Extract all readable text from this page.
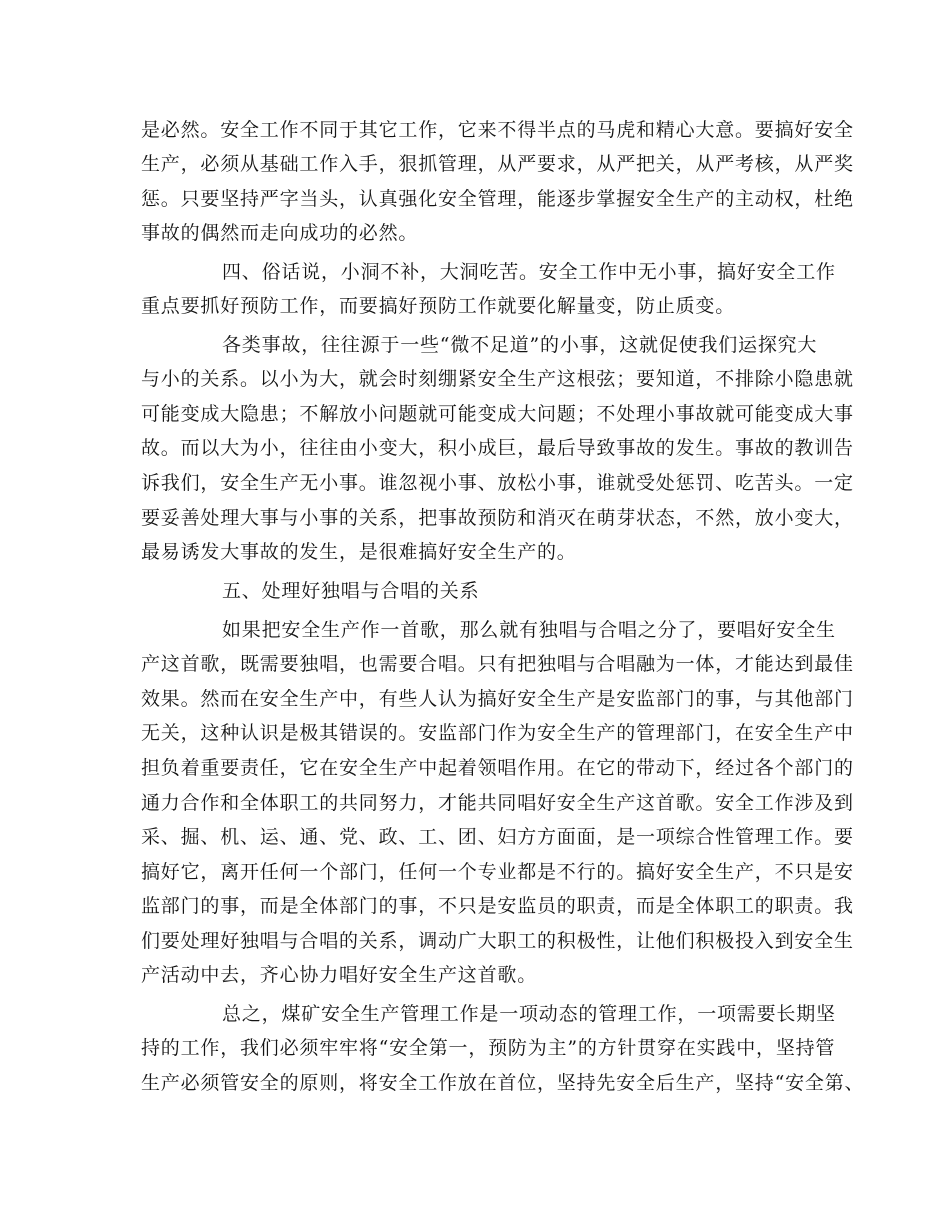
是必然。安全工作不同于其它工作，它来不得半点的马虎和精心大意。要搞好安全
生产，必须从基础工作入手，狠抓管理，从严要求，从严把关，从严考核，从严奖
惩。只要坚持严字当头，认真强化安全管理，能逐步掌握安全生产的主动权，杜绝
事故的偶然而走向成功的必然。
四、俗话说，小洞不补，大洞吃苦。安全工作中无小事，搞好安全工作
重点要抓好预防工作，而要搞好预防工作就要化解量变，防止质变。
各类事故，往往源于一些“微不足道”的小事，这就促使我们运探究大
与小的关系。以小为大，就会时刻绷紧安全生产这根弦；要知道，不排除小隐患就
可能变成大隐患；不解放小问题就可能变成大问题；不处理小事故就可能变成大事
故。而以大为小，往往由小变大，积小成巨，最后导致事故的发生。事故的教训告
诉我们，安全生产无小事。谁忽视小事、放松小事，谁就受处惩罚、吃苦头。一定
要妥善处理大事与小事的关系，把事故预防和消灭在萌芽状态，不然，放小变大，
最易诱发大事故的发生，是很难搞好安全生产的。
五、处理好独唱与合唱的关系
如果把安全生产作一首歌，那么就有独唱与合唱之分了，要唱好安全生
产这首歌，既需要独唱，也需要合唱。只有把独唱与合唱融为一体，才能达到最佳
效果。然而在安全生产中，有些人认为搞好安全生产是安监部门的事，与其他部门
无关，这种认识是极其错误的。安监部门作为安全生产的管理部门，在安全生产中
担负着重要责任，它在安全生产中起着领唱作用。在它的带动下，经过各个部门的
通力合作和全体职工的共同努力，才能共同唱好安全生产这首歌。安全工作涉及到
采、掘、机、运、通、党、政、工、团、妇方方面面，是一项综合性管理工作。要
搞好它，离开任何一个部门，任何一个专业都是不行的。搞好安全生产，不只是安
监部门的事，而是全体部门的事，不只是安监员的职责，而是全体职工的职责。我
们要处理好独唱与合唱的关系，调动广大职工的积极性，让他们积极投入到安全生
产活动中去，齐心协力唱好安全生产这首歌。
总之，煤矿安全生产管理工作是一项动态的管理工作，一项需要长期坚
持的工作，我们必须牢牢将“安全第一，预防为主”的方针贯穿在实践中，坚持管
生产必须管安全的原则，将安全工作放在首位，坚持先安全后生产，坚持“安全第、
